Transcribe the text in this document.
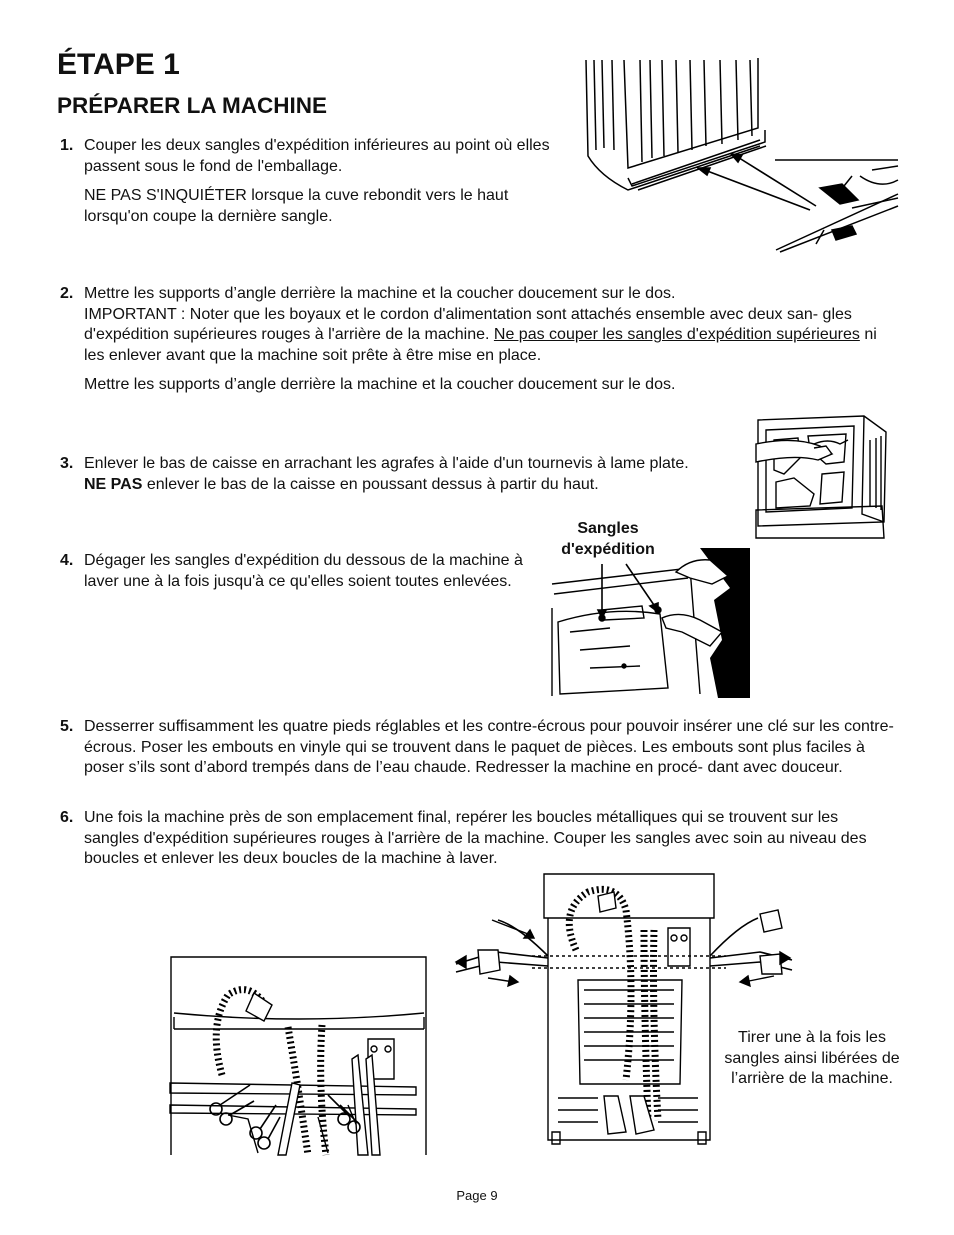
ÉTAPE 1
PRÉPARER LA MACHINE
1. Couper les deux sangles d'expédition inférieures au point où elles passent sous le fond de l'emballage.

NE PAS S'INQUIÉTER lorsque la cuve rebondit vers le haut lorsqu'on coupe la dernière sangle.

2. Mettre les supports d’angle derrière la machine et la coucher doucement sur le dos.

IMPORTANT : Noter que les boyaux et le cordon d'alimentation sont attachés ensemble avec deux san- gles d'expédition supérieures rouges à l'arrière de la machine. Ne pas couper les sangles d'expédition supérieures ni les enlever avant que la machine soit prête à être mise en place.

Mettre les supports d’angle derrière la machine et la coucher doucement sur le dos.

3. Enlever le bas de caisse en arrachant les agrafes à l'aide d'un tournevis à lame plate. NE PAS enlever le bas de la caisse en poussant dessus à partir du haut.

Sangles
d'expédition
4. Dégager les sangles d'expédition du dessous de la machine à laver une à la fois jusqu'à ce qu'elles soient toutes enlevées.

5. Desserrer suffisamment les quatre pieds réglables et les contre-écrous pour pouvoir insérer une clé sur les contre-écrous. Poser les embouts en vinyle qui se trouvent dans le paquet de pièces. Les embouts sont plus faciles à poser s’ils sont d’abord trempés dans de l’eau chaude. Redresser la machine en procé- dant avec douceur.

6. Une fois la machine près de son emplacement final, repérer les boucles métalliques qui se trouvent sur les sangles d'expédition supérieures rouges à l'arrière de la machine. Couper les sangles avec soin au niveau des boucles et enlever les deux boucles de la machine à laver.

Tirer une à la fois les sangles ainsi libérées de l’arrière de la machine.
Page 9
